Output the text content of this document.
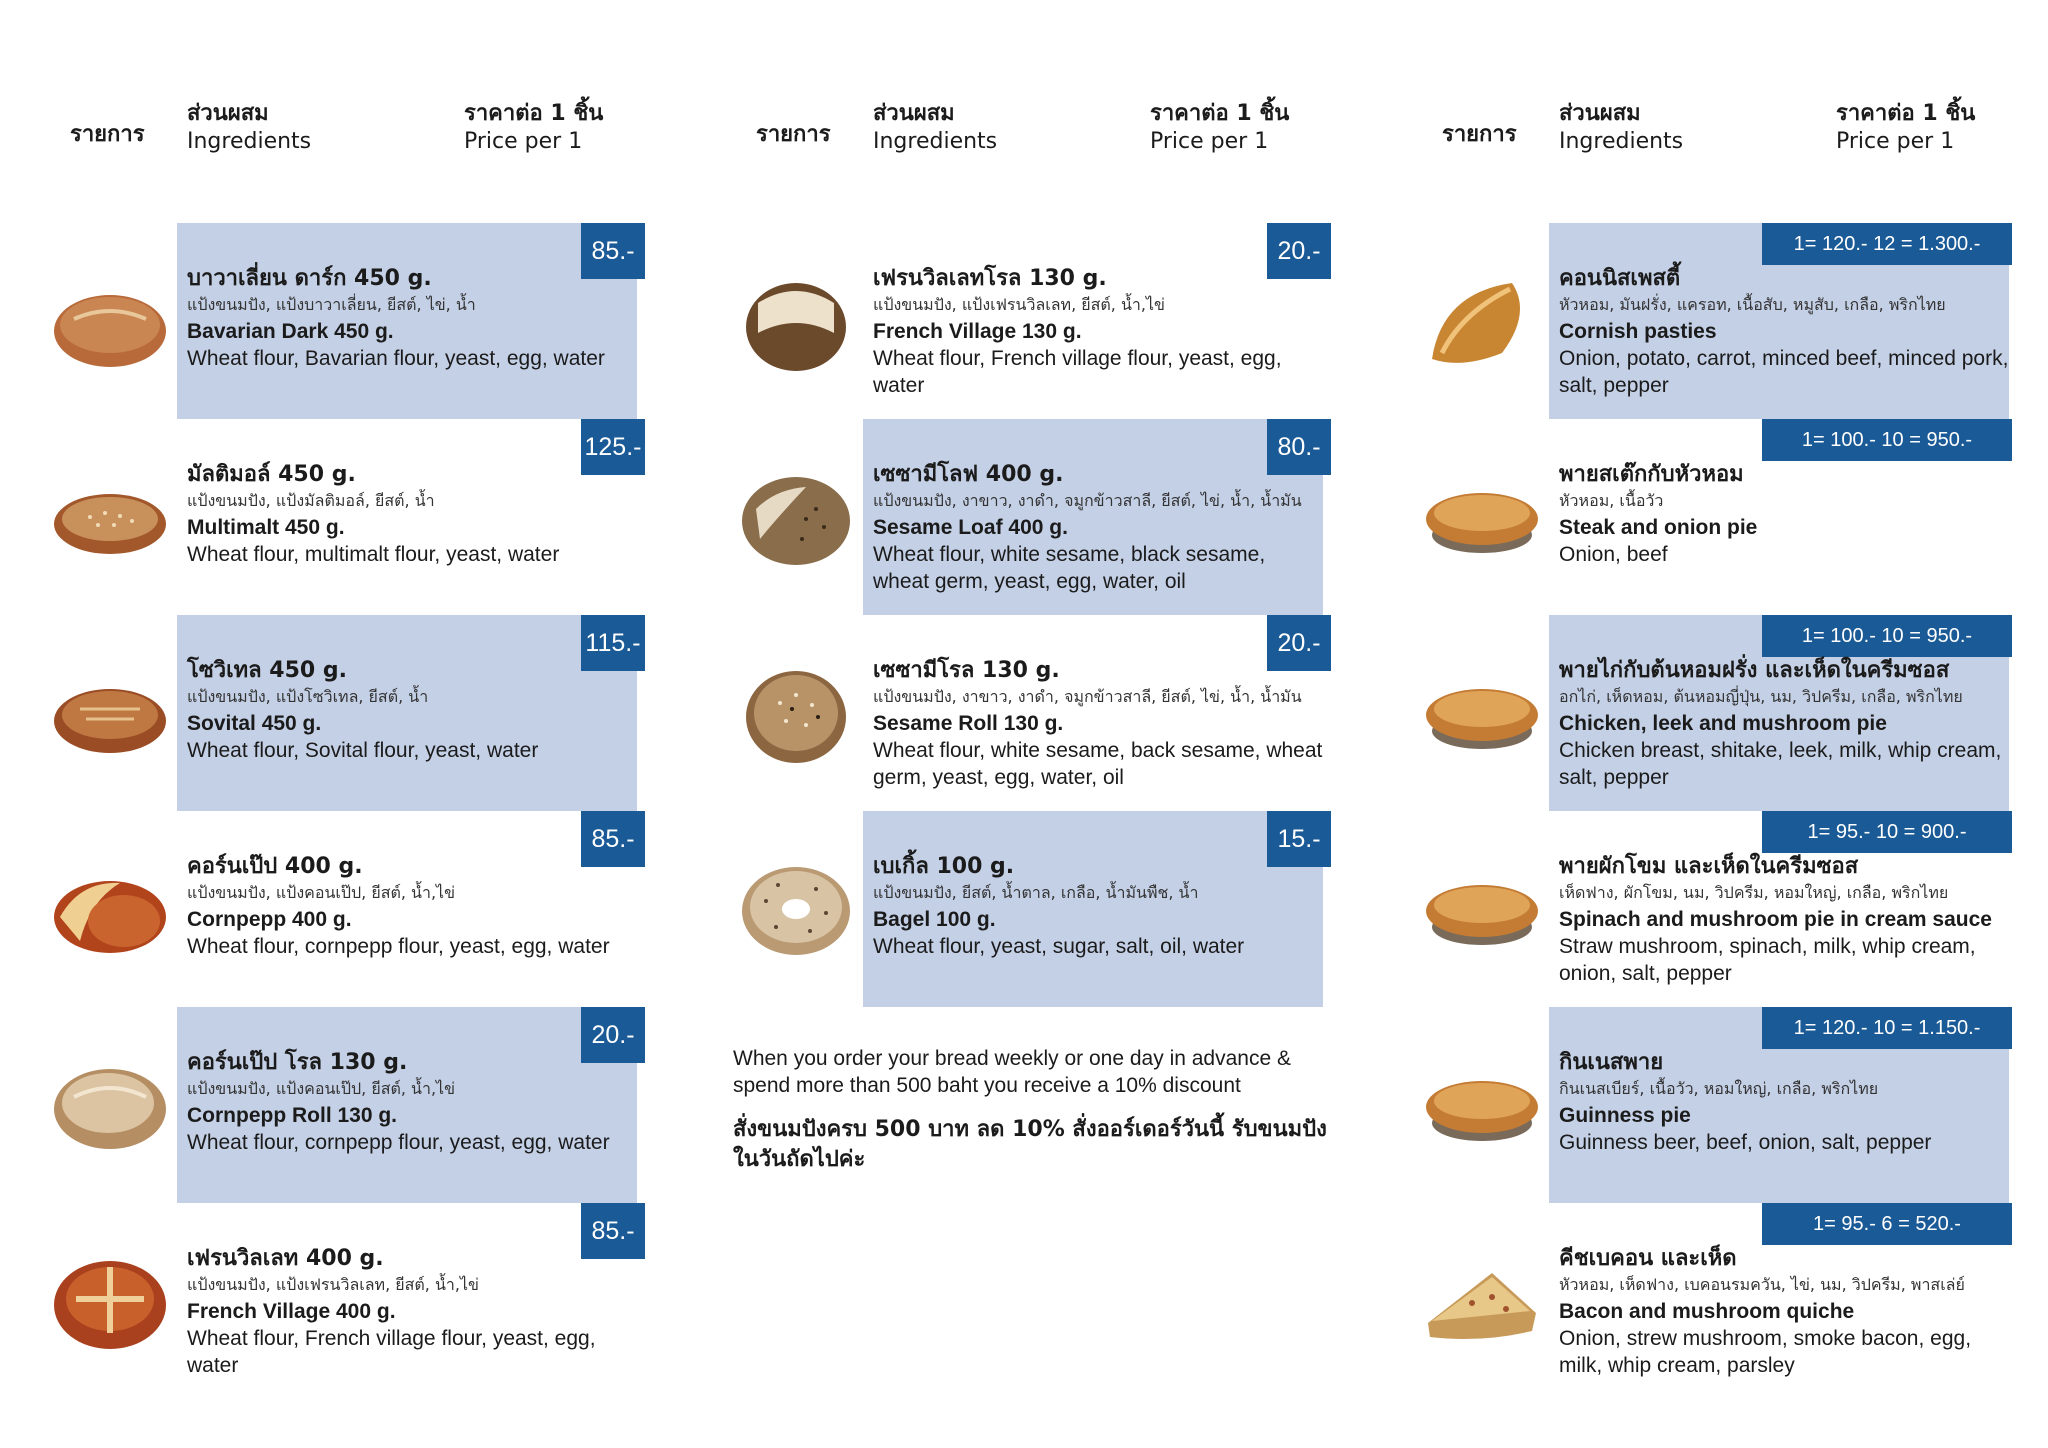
รายการ
ส่วนผสม
Ingredients
ราคาต่อ 1 ชิ้น
Price per 1
85.-
บาวาเลี่ยน ดาร์ก 450 g.
แป้งขนมปัง, แป้งบาวาเลี่ยน, ยีสต์, ไข่, น้ำ
Bavarian Dark 450 g.
Wheat flour, Bavarian flour, yeast, egg, water
125.-
มัลติมอล์ 450 g.
แป้งขนมปัง, แป้งมัลติมอล์, ยีสต์, น้ำ
Multimalt 450 g.
Wheat flour, multimalt flour, yeast, water
115.-
โซวิเทล 450 g.
แป้งขนมปัง, แป้งโซวิเทล, ยีสต์, น้ำ
Sovital 450 g.
Wheat flour, Sovital flour, yeast, water
85.-
คอร์นเป๊ป 400 g.
แป้งขนมปัง, แป้งคอนเป๊ป, ยีสต์, น้ำ,ไข่
Cornpepp 400 g.
Wheat flour, cornpepp flour, yeast, egg, water
20.-
คอร์นเป๊ป โรล 130 g.
แป้งขนมปัง, แป้งคอนเป๊ป, ยีสต์, น้ำ,ไข่
Cornpepp Roll 130 g.
Wheat flour, cornpepp flour, yeast, egg, water
85.-
เฟรนวิลเลท 400 g.
แป้งขนมปัง, แป้งเฟรนวิลเลท, ยีสต์, น้ำ,ไข่
French Village 400 g.
Wheat flour, French village flour, yeast, egg, water
รายการ
ส่วนผสม
Ingredients
ราคาต่อ 1 ชิ้น
Price per 1
20.-
เฟรนวิลเลทโรล 130 g.
แป้งขนมปัง, แป้งเฟรนวิลเลท, ยีสต์, น้ำ,ไข่
French Village 130 g.
Wheat flour, French village flour, yeast, egg, water
80.-
เซซามีโลฟ 400 g.
แป้งขนมปัง, งาขาว, งาดำ, จมูกข้าวสาลี, ยีสต์, ไข่, น้ำ, น้ำมัน
Sesame Loaf 400 g.
Wheat flour, white sesame, black sesame, wheat germ, yeast, egg, water, oil
20.-
เซซามีโรล 130 g.
แป้งขนมปัง, งาขาว, งาดำ, จมูกข้าวสาลี, ยีสต์, ไข่, น้ำ, น้ำมัน
Sesame Roll 130 g.
Wheat flour, white sesame, back sesame, wheat germ, yeast, egg, water, oil
15.-
เบเกิ้ล 100 g.
แป้งขนมปัง, ยีสต์, น้ำตาล, เกลือ, น้ำมันพืช, น้ำ
Bagel 100 g.
Wheat flour, yeast, sugar, salt, oil, water
When you order your bread weekly or one day in advance & spend more than 500 baht you receive a 10% discount
สั่งขนมปังครบ 500 บาท ลด 10% สั่งออร์เดอร์วันนี้ รับขนมปังในวันถัดไปค่ะ
รายการ
ส่วนผสม
Ingredients
ราคาต่อ 1 ชิ้น
Price per 1
1= 120.- 12 = 1.300.-
คอนนิสเพสตี้
หัวหอม, มันฝรั่ง, แครอท, เนื้อสับ, หมูสับ, เกลือ, พริกไทย
Cornish pasties
Onion, potato, carrot, minced beef, minced pork, salt, pepper
1= 100.- 10 = 950.-
พายสเต๊กกับหัวหอม
หัวหอม, เนื้อวัว
Steak and onion pie
Onion, beef
1= 100.- 10 = 950.-
พายไก่กับต้นหอมฝรั่ง และเห็ดในครีมซอส
อกไก่, เห็ดหอม, ต้นหอมญี่ปุ่น, นม, วิปครีม, เกลือ, พริกไทย
Chicken, leek and mushroom pie
Chicken breast, shitake, leek, milk, whip cream, salt, pepper
1= 95.- 10 = 900.-
พายผักโขม และเห็ดในครีมซอส
เห็ดฟาง, ผักโขม, นม, วิปครีม, หอมใหญ่, เกลือ, พริกไทย
Spinach and mushroom pie in cream sauce
Straw mushroom, spinach, milk, whip cream, onion, salt, pepper
1= 120.- 10 = 1.150.-
กินเนสพาย
กินเนสเบียร์, เนื้อวัว, หอมใหญ่, เกลือ, พริกไทย
Guinness pie
Guinness beer, beef, onion, salt, pepper
1= 95.- 6 = 520.-
คีชเบคอน และเห็ด
หัวหอม, เห็ดฟาง, เบคอนรมควัน, ไข่, นม, วิปครีม, พาสเล่ย์
Bacon and mushroom quiche
Onion, strew mushroom, smoke bacon, egg, milk, whip cream, parsley
